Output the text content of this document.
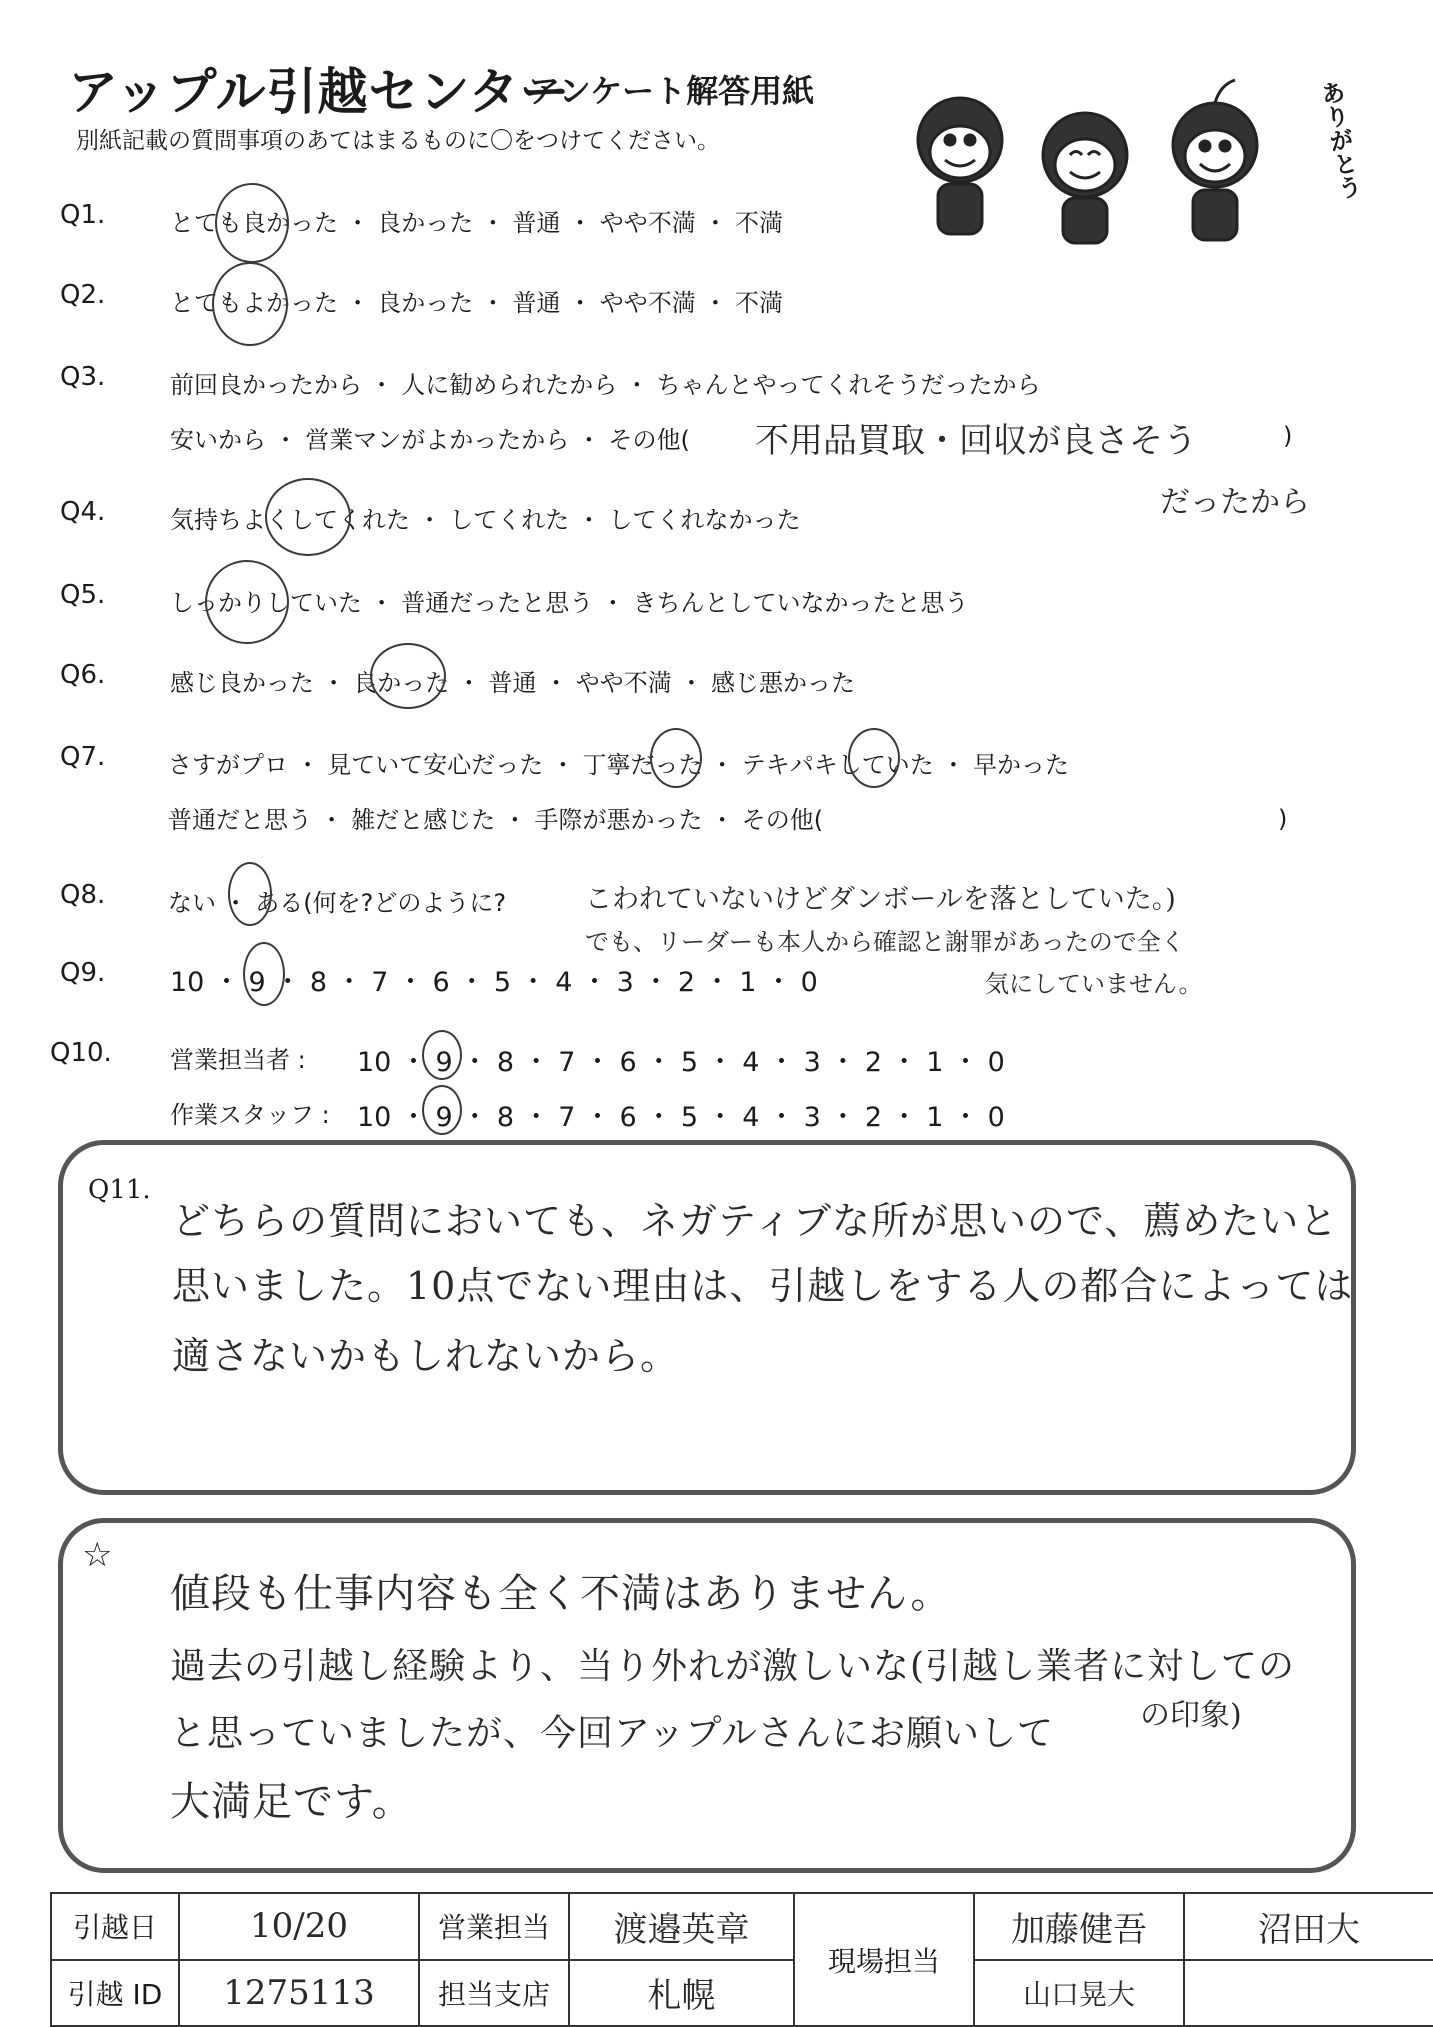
アップル引越センター
アンケート解答用紙
別紙記載の質問事項のあてはまるものに〇をつけてください。	ありがとう
Q1.	とても良かった ・ 良かった ・ 普通 ・ やや不満 ・ 不満
Q2.	とてもよかった ・ 良かった ・ 普通 ・ やや不満 ・ 不満
Q3.	前回良かったから ・ 人に勧められたから ・ ちゃんとやってくれそうだったから
安いから ・ 営業マンがよかったから ・ その他( 不用品買取・回収が良さそう	)
だったから
Q4.	気持ちよくしてくれた ・ してくれた ・ してくれなかった
Q5.	しっかりしていた ・ 普通だったと思う ・ きちんとしていなかったと思う
Q6.	感じ良かった ・ 良かった ・ 普通 ・ やや不満 ・ 感じ悪かった
Q7.	さすがプロ ・ 見ていて安心だった ・ 丁寧だった ・ テキパキしていた ・ 早かった
普通だと思う ・ 雑だと感じた ・ 手際が悪かった ・ その他(	)
Q8.	ない ・ ある(何を?どのように?	こわれていないけどダンボールを落としていた。)
でも、リーダーも本人から確認と謝罪があったので全く
気にしていません。
Q9. 10 ・ 9 ・ 8 ・ 7 ・ 6 ・ 5 ・ 4 ・ 3 ・ 2 ・ 1 ・ 0
Q10. 営業担当者 : 10 ・ 9 ・ 8 ・ 7 ・ 6 ・ 5 ・ 4 ・ 3 ・ 2 ・ 1 ・ 0
作業スタッフ : 10 ・ 9 ・ 8 ・ 7 ・ 6 ・ 5 ・ 4 ・ 3 ・ 2 ・ 1 ・ 0
Q11.
どちらの質問においても、ネガティブな所が思いので、薦めたいと
思いました。10点でない理由は、引越しをする人の都合によっては
適さないかもしれないから。
☆
値段も仕事内容も全く不満はありません。
過去の引越し経験より、当り外れが激しいな(引越し業者に対しての
と思っていましたが、今回アップルさんにお願いして	の印象)
大満足です。
引越日	10/20	営業担当	渡邉英章	現場担当	加藤健吾	沼田大
引越 ID	1275113	担当支店	札幌		山口晃大	
